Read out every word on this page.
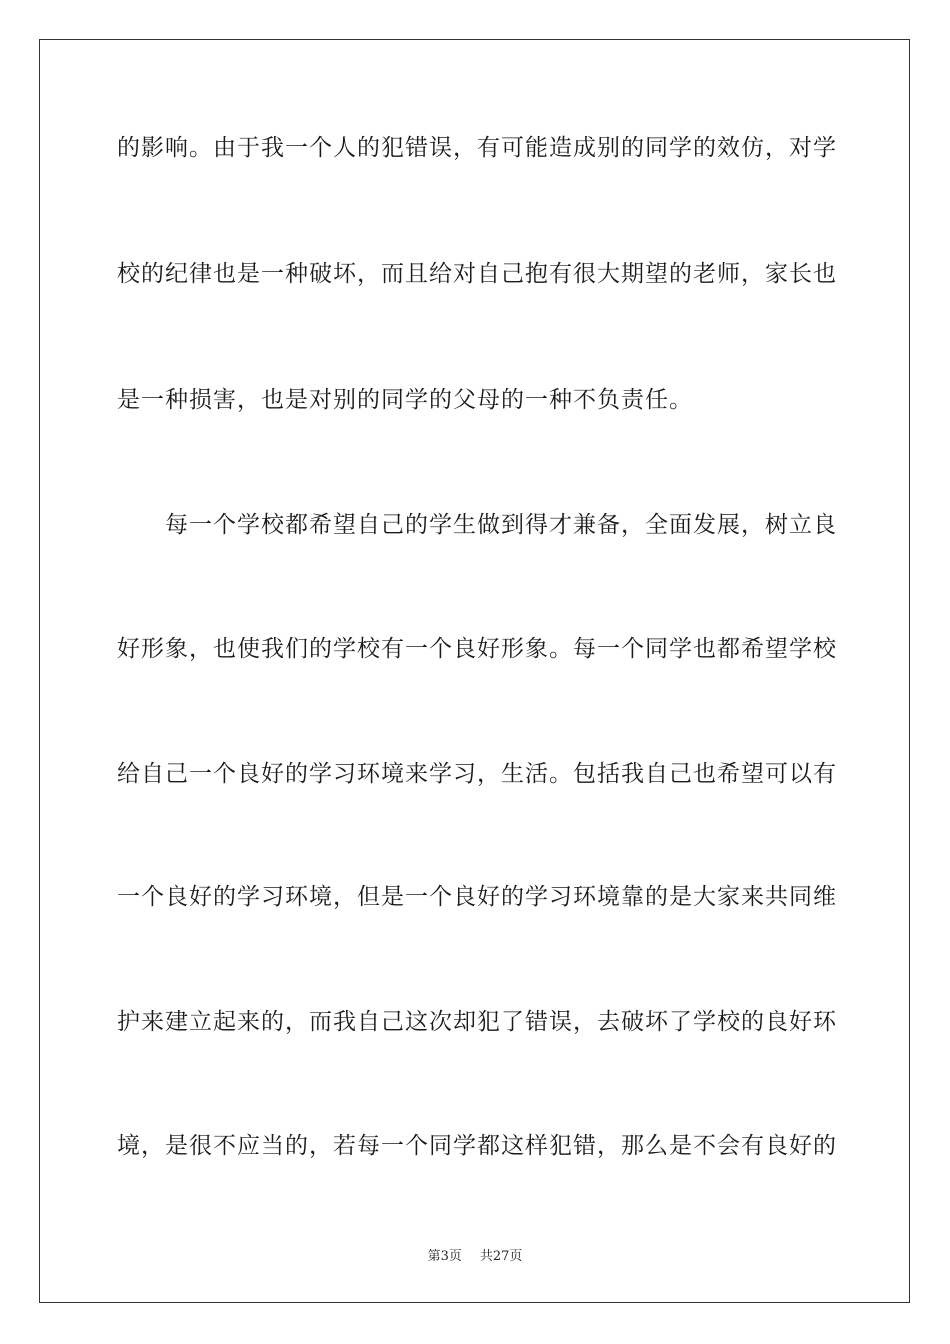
的影响。由于我一个人的犯错误，有可能造成别的同学的效仿，对学
校的纪律也是一种破坏，而且给对自己抱有很大期望的老师，家长也
是一种损害，也是对别的同学的父母的一种不负责任。
　　每一个学校都希望自己的学生做到得才兼备，全面发展，树立良
好形象，也使我们的学校有一个良好形象。每一个同学也都希望学校
给自己一个良好的学习环境来学习，生活。包括我自己也希望可以有
一个良好的学习环境，但是一个良好的学习环境靠的是大家来共同维
护来建立起来的，而我自己这次却犯了错误，去破坏了学校的良好环
境，是很不应当的，若每一个同学都这样犯错，那么是不会有良好的
第3页 共27页
